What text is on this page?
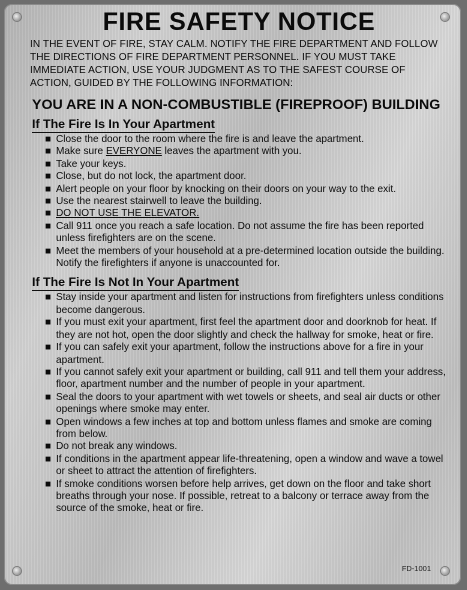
FIRE SAFETY NOTICE

IN THE EVENT OF FIRE, STAY CALM. NOTIFY THE FIRE DEPARTMENT AND FOLLOW THE DIRECTIONS OF FIRE DEPARTMENT PERSONNEL. IF YOU MUST TAKE IMMEDIATE ACTION, USE YOUR JUDGMENT AS TO THE SAFEST COURSE OF ACTION, GUIDED BY THE FOLLOWING INFORMATION:

YOU ARE IN A NON-COMBUSTIBLE (FIREPROOF) BUILDING
If The Fire Is In Your Apartment
■ Close the door to the room where the fire is and leave the apartment.
■ Make sure EVERYONE leaves the apartment with you.
■ Take your keys.
■ Close, but do not lock, the apartment door.
■ Alert people on your floor by knocking on their doors on your way to the exit.
■ Use the nearest stairwell to leave the building.
■ DO NOT USE THE ELEVATOR.
■ Call 911 once you reach a safe location. Do not assume the fire has been reported unless firefighters are on the scene.
■ Meet the members of your household at a pre-determined location outside the building. Notify the firefighters if anyone is unaccounted for.
If The Fire Is Not In Your Apartment
■ Stay inside your apartment and listen for instructions from firefighters unless conditions become dangerous.
■ If you must exit your apartment, first feel the apartment door and doorknob for heat. If they are not hot, open the door slightly and check the hallway for smoke, heat or fire.
■ If you can safely exit your apartment, follow the instructions above for a fire in your apartment.
■ If you cannot safely exit your apartment or building, call 911 and tell them your address, floor, apartment number and the number of people in your apartment.
■ Seal the doors to your apartment with wet towels or sheets, and seal air ducts or other openings where smoke may enter.
■ Open windows a few inches at top and bottom unless flames and smoke are coming from below.
■ Do not break any windows.
■ If conditions in the apartment appear life-threatening, open a window and wave a towel or sheet to attract the attention of firefighters.
■ If smoke conditions worsen before help arrives, get down on the floor and take short breaths through your nose. If possible, retreat to a balcony or terrace away from the source of the smoke, heat or fire.
FD-1001
